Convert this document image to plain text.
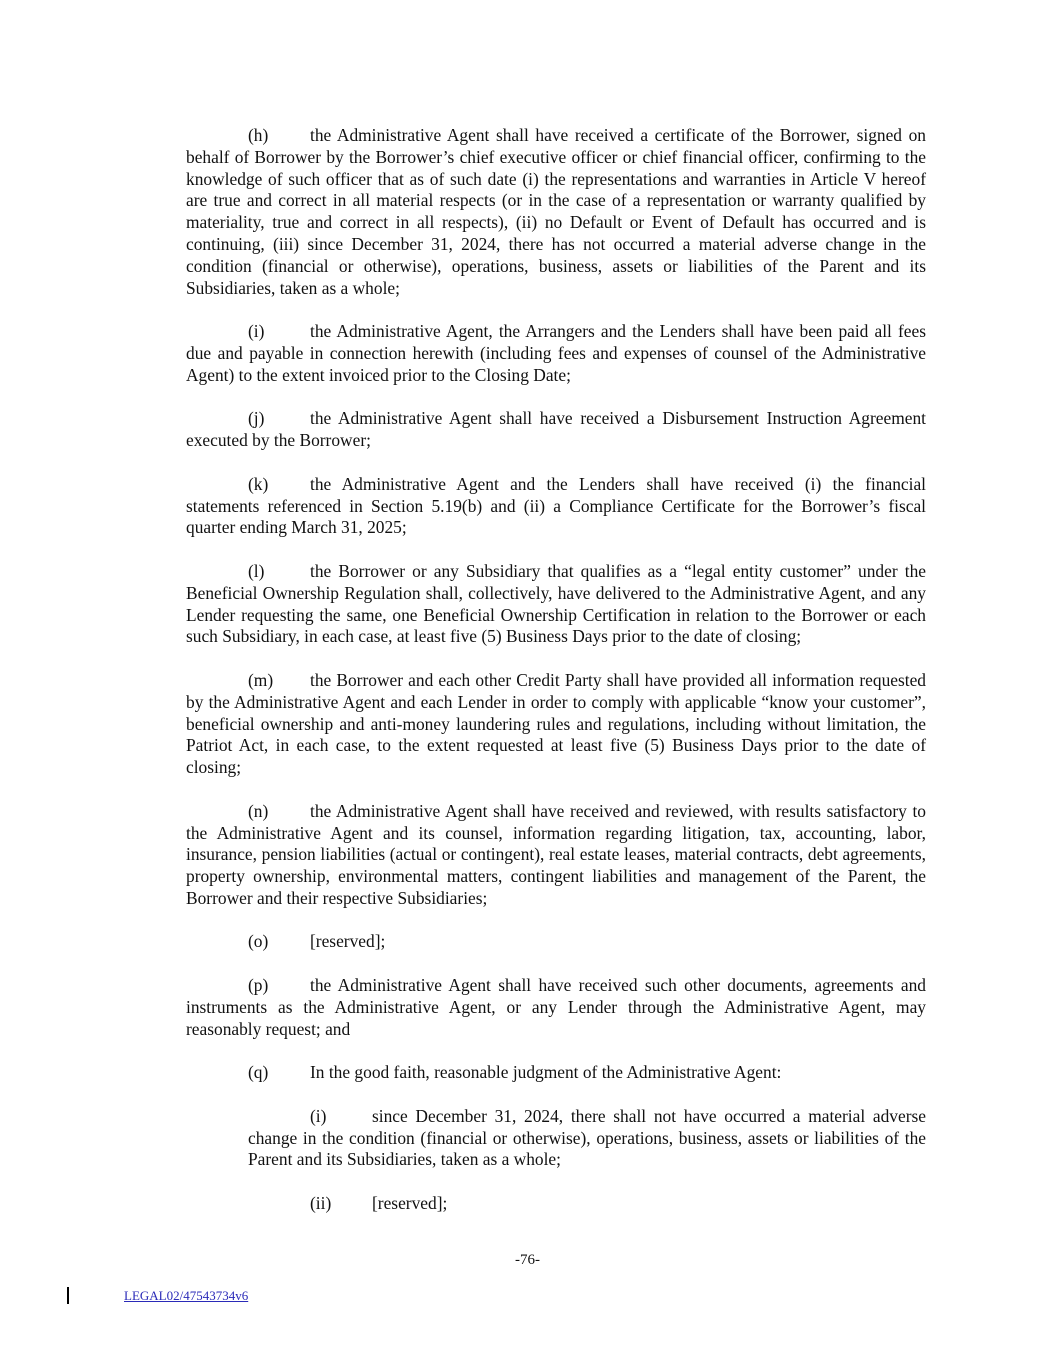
(h) the Administrative Agent shall have received a certificate of the Borrower, signed on behalf of Borrower by the Borrower’s chief executive officer or chief financial officer, confirming to the knowledge of such officer that as of such date (i) the representations and warranties in Article V hereof are true and correct in all material respects (or in the case of a representation or warranty qualified by materiality, true and correct in all respects), (ii) no Default or Event of Default has occurred and is continuing, (iii) since December 31, 2024, there has not occurred a material adverse change in the condition (financial or otherwise), operations, business, assets or liabilities of the Parent and its Subsidiaries, taken as a whole;

(i)	the Administrative Agent, the Arrangers and the Lenders shall have been paid all fees due and payable in connection herewith (including fees and expenses of counsel of the Administrative Agent) to the extent invoiced prior to the Closing Date;

(j)	the Administrative Agent shall have received a Disbursement Instruction Agreement executed by the Borrower;

(k) the Administrative Agent and the Lenders shall have received (i) the financial statements referenced in Section 5.19(b) and (ii) a Compliance Certificate for the Borrower’s fiscal quarter ending March 31, 2025;

(l)	the Borrower or any Subsidiary that qualifies as a “legal entity customer” under the Beneficial Ownership Regulation shall, collectively, have delivered to the Administrative Agent, and any Lender requesting the same, one Beneficial Ownership Certification in relation to the Borrower or each such Subsidiary, in each case, at least five (5) Business Days prior to the date of closing;

(m) the Borrower and each other Credit Party shall have provided all information requested by the Administrative Agent and each Lender in order to comply with applicable “know your customer”, beneficial ownership and anti-money laundering rules and regulations, including without limitation, the Patriot Act, in each case, to the extent requested at least five (5) Business Days prior to the date of closing;

(n) the Administrative Agent shall have received and reviewed, with results satisfactory to the Administrative Agent and its counsel, information regarding litigation, tax, accounting, labor, insurance, pension liabilities (actual or contingent), real estate leases, material contracts, debt agreements, property ownership, environmental matters, contingent liabilities and management of the Parent, the Borrower and their respective Subsidiaries;

(o) [reserved];

(p) the Administrative Agent shall have received such other documents, agreements and instruments as the Administrative Agent, or any Lender through the Administrative Agent, may reasonably request; and

(q) In the good faith, reasonable judgment of the Administrative Agent:

(i)	since December 31, 2024, there shall not have occurred a material adverse change in the condition (financial or otherwise), operations, business, assets or liabilities of the Parent and its Subsidiaries, taken as a whole;

(ii) [reserved];

-76-
LEGAL02/47543734v6
